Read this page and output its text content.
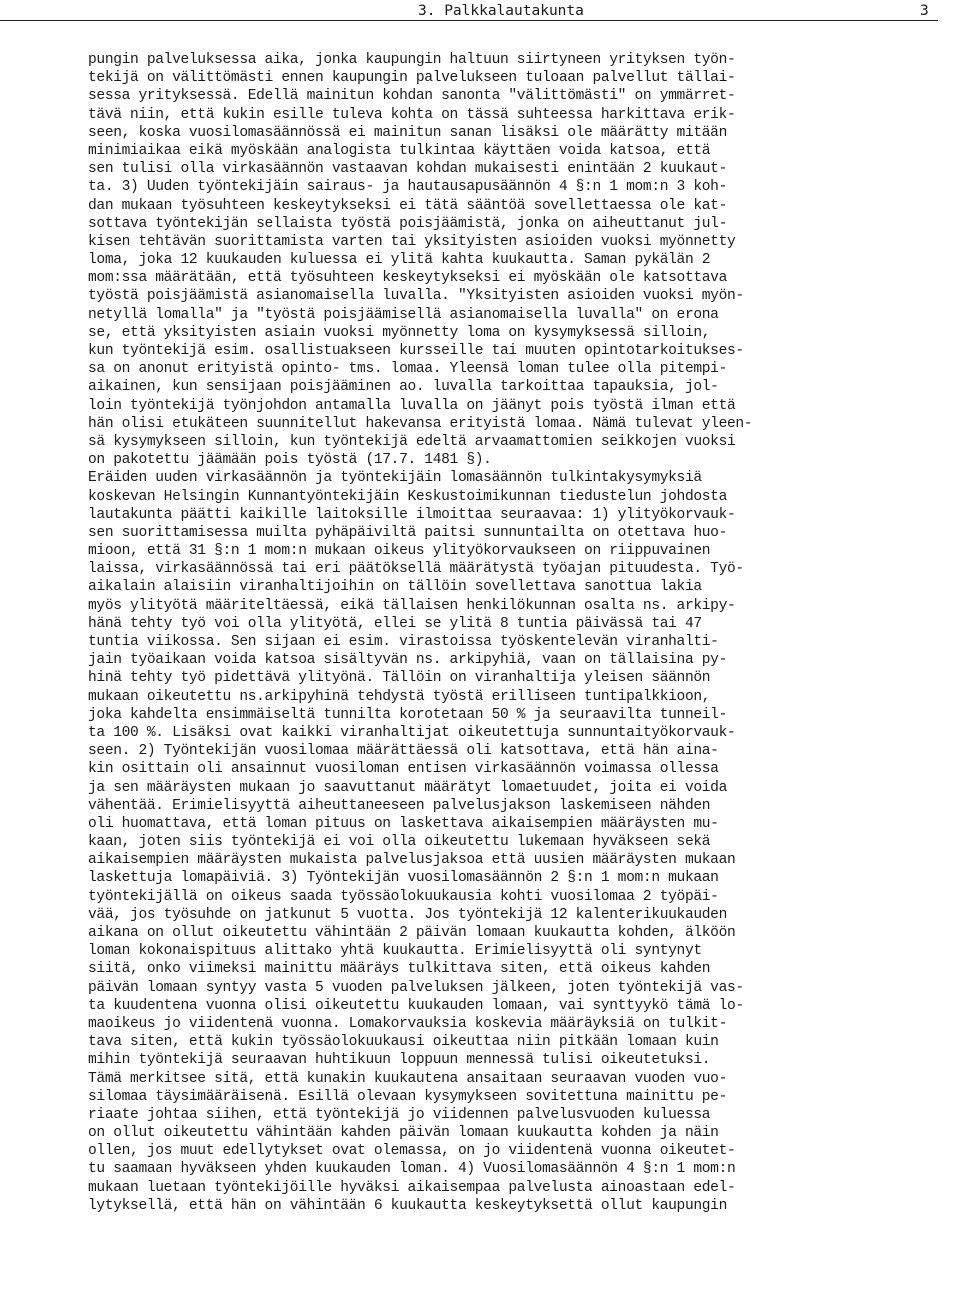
3. Palkkalautakunta	3
pungin palveluksessa aika, jonka kaupungin haltuun siirtyneen yrityksen työn-
tekijä on välittömästi ennen kaupungin palvelukseen tuloaan palvellut tällai-
sessa yrityksessä. Edellä mainitun kohdan sanonta "välittömästi" on ymmärret-
tävä niin, että kukin esille tuleva kohta on tässä suhteessa harkittava erik-
seen, koska vuosilomasäännössä ei mainitun sanan lisäksi ole määrätty mitään
minimiaikaa eikä myöskään analogista tulkintaa käyttäen voida katsoa, että
sen tulisi olla virkasäännön vastaavan kohdan mukaisesti enintään 2 kuukaut-
ta. 3) Uuden työntekijäin sairaus- ja hautausapusäännön 4 §:n 1 mom:n 3 koh-
dan mukaan työsuhteen keskeytykseksi ei tätä sääntöä sovellettaessa ole kat-
sottava työntekijän sellaista työstä poisjäämistä, jonka on aiheuttanut jul-
kisen tehtävän suorittamista varten tai yksityisten asioiden vuoksi myönnetty
loma, joka 12 kuukauden kuluessa ei ylitä kahta kuukautta. Saman pykälän 2
mom:ssa määrätään, että työsuhteen keskeytykseksi ei myöskään ole katsottava
työstä poisjäämistä asianomaisella luvalla. "Yksityisten asioiden vuoksi myön-
netyllä lomalla" ja "työstä poisjäämisellä asianomaisella luvalla" on erona
se, että yksityisten asiain vuoksi myönnetty loma on kysymyksessä silloin,
kun työntekijä esim. osallistuakseen kursseille tai muuten opintotarkoitukses-
sa on anonut erityistä opinto- tms. lomaa. Yleensä loman tulee olla pitempi-
aikainen, kun sensijaan poisjääminen ao. luvalla tarkoittaa tapauksia, jol-
loin työntekijä työnjohdon antamalla luvalla on jäänyt pois työstä ilman että
hän olisi etukäteen suunnitellut hakevansa erityistä lomaa. Nämä tulevat yleen-
sä kysymykseen silloin, kun työntekijä edeltä arvaamattomien seikkojen vuoksi
on pakotettu jäämään pois työstä (17.7. 1481 §).
Eräiden uuden virkasäännön ja työntekijäin lomasäännön tulkintakysymyksiä
koskevan Helsingin Kunnantyöntekijäin Keskustoimikunnan tiedustelun johdosta
lautakunta päätti kaikille laitoksille ilmoittaa seuraavaa: 1) ylityökorvauk-
sen suorittamisessa muilta pyhäpäiviltä paitsi sunnuntailta on otettava huo-
mioon, että 31 §:n 1 mom:n mukaan oikeus ylityökorvaukseen on riippuvainen
laissa, virkasäännössä tai eri päätöksellä määrätystä työajan pituudesta. Työ-
aikalain alaisiin viranhaltijoihin on tällöin sovellettava sanottua lakia
myös ylityötä määriteltäessä, eikä tällaisen henkilökunnan osalta ns. arkipy-
hänä tehty työ voi olla ylityötä, ellei se ylitä 8 tuntia päivässä tai 47
tuntia viikossa. Sen sijaan ei esim. virastoissa työskentelevän viranhalti-
jain työaikaan voida katsoa sisältyvän ns. arkipyhiä, vaan on tällaisina py-
hinä tehty työ pidettävä ylityönä. Tällöin on viranhaltija yleisen säännön
mukaan oikeutettu ns.arkipyhinä tehdystä työstä erilliseen tuntipalkkioon,
joka kahdelta ensimmäiseltä tunnilta korotetaan 50 % ja seuraavilta tunneil-
ta 100 %. Lisäksi ovat kaikki viranhaltijat oikeutettuja sunnuntaityökorvauk-
seen. 2) Työntekijän vuosilomaa määrättäessä oli katsottava, että hän aina-
kin osittain oli ansainnut vuosiloman entisen virkasäännön voimassa ollessa
ja sen määräysten mukaan jo saavuttanut määrätyt lomaetuudet, joita ei voida
vähentää. Erimielisyyttä aiheuttaneeseen palvelusjakson laskemiseen nähden
oli huomattava, että loman pituus on laskettava aikaisempien määräysten mu-
kaan, joten siis työntekijä ei voi olla oikeutettu lukemaan hyväkseen sekä
aikaisempien määräysten mukaista palvelusjaksoa että uusien määräysten mukaan
laskettuja lomapäiviä. 3) Työntekijän vuosilomasäännön 2 §:n 1 mom:n mukaan
työntekijällä on oikeus saada työssäolokuukausia kohti vuosilomaa 2 työpäi-
vää, jos työsuhde on jatkunut 5 vuotta. Jos työntekijä 12 kalenterikuukauden
aikana on ollut oikeutettu vähintään 2 päivän lomaan kuukautta kohden, älköön
loman kokonaispituus alittako yhtä kuukautta. Erimielisyyttä oli syntynyt
siitä, onko viimeksi mainittu määräys tulkittava siten, että oikeus kahden
päivän lomaan syntyy vasta 5 vuoden palveluksen jälkeen, joten työntekijä vas-
ta kuudentena vuonna olisi oikeutettu kuukauden lomaan, vai synttyykö tämä lo-
maoikeus jo viidentenä vuonna. Lomakorvauksia koskevia määräyksiä on tulkit-
tava siten, että kukin työssäolokuukausi oikeuttaa niin pitkään lomaan kuin
mihin työntekijä seuraavan huhtikuun loppuun mennessä tulisi oikeutetuksi.
Tämä merkitsee sitä, että kunakin kuukautena ansaitaan seuraavan vuoden vuo-
silomaa täysimääräisenä. Esillä olevaan kysymykseen sovitettuna mainittu pe-
riaate johtaa siihen, että työntekijä jo viidennen palvelusvuoden kuluessa
on ollut oikeutettu vähintään kahden päivän lomaan kuukautta kohden ja näin
ollen, jos muut edellytykset ovat olemassa, on jo viidentenä vuonna oikeutet-
tu saamaan hyväkseen yhden kuukauden loman. 4) Vuosilomasäännön 4 §:n 1 mom:n
mukaan luetaan työntekijöille hyväksi aikaisempaa palvelusta ainoastaan edel-
lytyksellä, että hän on vähintään 6 kuukautta keskeytyksettä ollut kaupungin
